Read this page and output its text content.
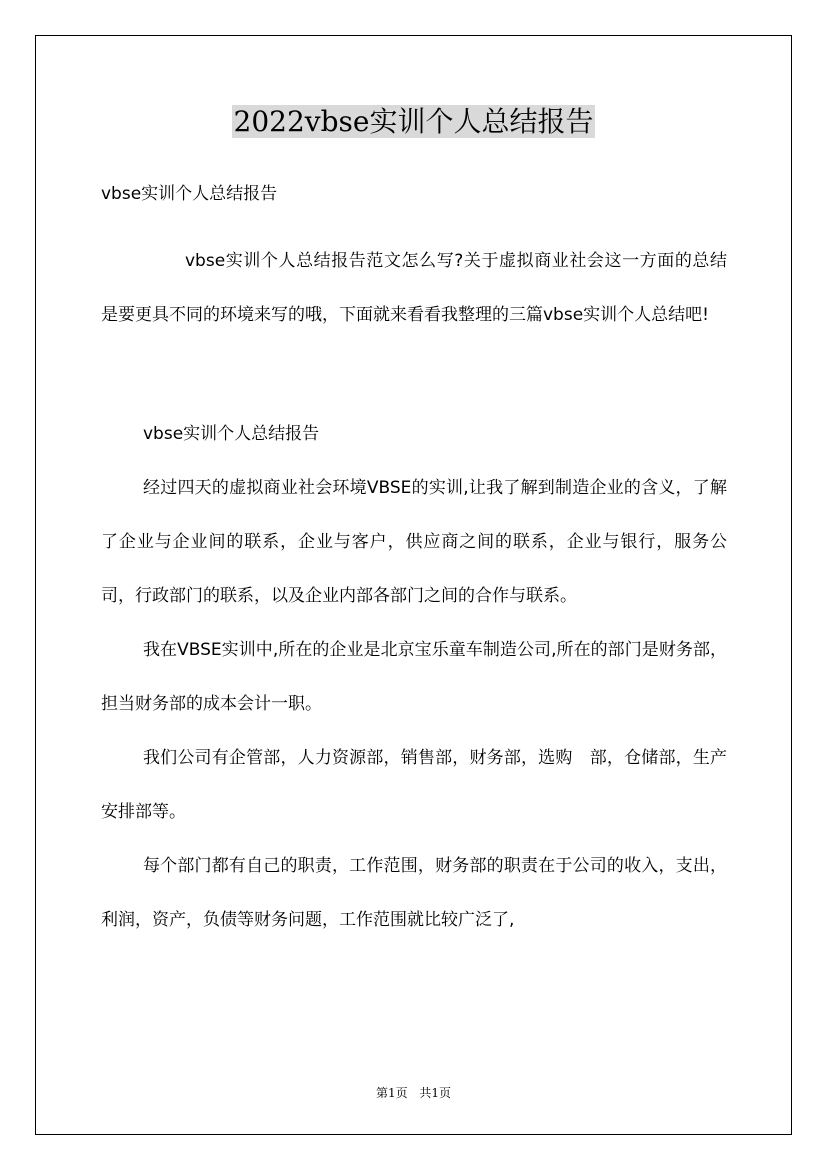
2022vbse实训个人总结报告

vbse实训个人总结报告

vbse实训个人总结报告范文怎么写?关于虚拟商业社会这一方面的总结是要更具不同的环境来写的哦，下面就来看看我整理的三篇vbse实训个人总结吧!

vbse实训个人总结报告

经过四天的虚拟商业社会环境VBSE的实训,让我了解到制造企业的含义，了解了企业与企业间的联系，企业与客户，供应商之间的联系，企业与银行，服务公司，行政部门的联系，以及企业内部各部门之间的合作与联系。

我在VBSE实训中,所在的企业是北京宝乐童车制造公司,所在的部门是财务部，担当财务部的成本会计一职。

我们公司有企管部，人力资源部，销售部，财务部，选购　部，仓储部，生产安排部等。

每个部门都有自己的职责，工作范围，财务部的职责在于公司的收入，支出，利润，资产，负债等财务问题，工作范围就比较广泛了,

第1页 共1页
